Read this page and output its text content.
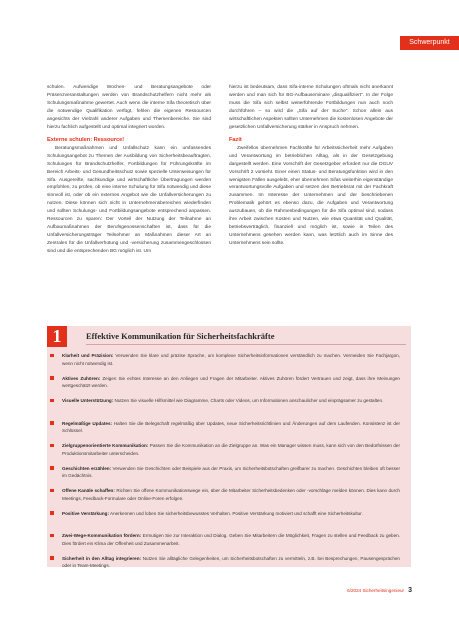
Schwerpunkt

schulen. Aufwendige Wochen- und Beratungsangebote oder Präsenzveranstaltungen werden von Brandschutzhelfern nicht mehr als Schulungsmaßnahme gewertet. Auch wenn die interne Sifa theoretisch über die notwendige Qualifikation verfügt, fehlen die eigenen Ressourcen angesichts der Vielzahl anderer Aufgaben und Themenbereiche. Sie sind hierzu fachlich aufgestellt und optimal integriert worden.

Externe schulen: Ressource!

Beratungsmaßnahmen und Unfallschutz kann ein umfassendes Schulungsangebot zu Themen der Ausbildung von Sicherheitsbeauftragten, Schulungen für Brandschutzhelfer, Fortbildungen für Führungskräfte im Bereich Arbeits- und Gesundheitsschutz sowie spezielle Unterweisungen für Sifa. Ausgereifte, sachkundige und wirtschaftliche Übertragungen werden empfohlen, zu prüfen, ob eine interne Schulung für Sifa notwendig und diese sinnvoll ist, oder ob ein externes Angebot wie die Unfallversicherungen zu nutzen. Diese können sich nicht in Unternehmensbereichen wiederfinden und sollten Schulungs- und Fortbildungsangebote entsprechend anpassen. Ressourcen zu sparen: Der Vorteil der Nutzung der Teilnahme an Aufbaumaßnahmen der Berufsgenossenschaften ist, dass für die Unfallversicherungsträger Teilnehmer an Maßnahmen dieser Art an Zentralen für die Unfallverhütung und -versicherung zusammengeschlossen sind und die entsprechenden BG möglich ist. Um

hierzu ist bedeutsam, dass Sifa-interne Schulungen oftmals nicht anerkannt werden und man sich für BG-Aufbauseminare „disqualifiziert“. In der Folge muss die Sifa sich selbst weiterführende Fortbildungen nun auch noch durchführen – so wird die „Sifa auf der Suche“. Schon allein aus wirtschaftlichen Aspekten sollten Unternehmen die kostenlosen Angebote der gesetzlichen Unfallversicherung stärker in Anspruch nehmen.

Fazit

Zweifellos übernehmen Fachkräfte für Arbeitssicherheit mehr Aufgaben und Verantwortung im betrieblichen Alltag, als in der Gesetzgebung dargestellt werden. Eine Vorschrift der Gesetzgeber erfordert nur die DGUV Vorschrift 2 vorsieht. Einer einen Status- und Beratungsfunktion wird in den wenigsten Fällen ausgelebt, eher übernehmen Sifas weiterhin eigenständige verantwortungsvolle Aufgaben und setzen den Betriebsrat mit der Fachkraft zusammen. Im Interesse der Unternehmen und der beschriebenen Problematik gehört es ebenso dazu, die Aufgaben und Verantwortung auszubauen, ob die Rahmenbedingungen für die Sifa optimal sind, sodass ihre Arbeit zwischen Kosten und Nutzen, wie etwa Quantität und Qualität, betriebsverträglich, finanziell und möglich ist, sowie in Teilen des Unternehmens gesehen werden kann, was letztlich auch im Sinne des Unternehmens sein sollte.

1	Effektive Kommunikation für Sicherheitsfachkräfte
Klarheit und Präzision: Verwenden Sie klare und präzise Sprache, um komplexe Sicherheitsinformationen verständlich zu machen. Vermeiden Sie Fachjargon, wenn nicht notwendig ist.
Aktives Zuhören: Zeigen Sie echtes Interesse an den Anliegen und Fragen der Mitarbeiter. Aktives Zuhören fördert Vertrauen und zeigt, dass ihre Meinungen wertgeschätzt werden.
Visuelle Unterstützung: Nutzen Sie visuelle Hilfsmittel wie Diagramme, Charts oder Videos, um Informationen anschaulicher und einprägsamer zu gestalten.
Regelmäßige Updates: Halten Sie die Belegschaft regelmäßig über Updates, neue Sicherheitsrichtlinien und Änderungen auf dem Laufenden. Konsistenz ist der Schlüssel.
Zielgruppenorientierte Kommunikation: Passen Sie die Kommunikation an die Zielgruppe an. Was ein Manager wissen muss, kann sich von den Bedürfnissen der Produktionsmitarbeiter unterscheiden.
Geschichten erzählen: Verwenden Sie Geschichten oder Beispiele aus der Praxis, um Sicherheitsbotschaften greifbarer zu machen. Geschichten bleiben oft besser im Gedächtnis.
Offene Kanäle schaffen: Richten Sie offene Kommunikationswege ein, über die Mitarbeiter Sicherheitsbedenken oder -vorschläge melden können. Dies kann durch Meetings, Feedback-Formulare oder Online-Foren erfolgen.
Positive Verstärkung: Anerkennen und loben Sie sicherheitsbewusstes Verhalten. Positive Verstärkung motiviert und schafft eine Sicherheitskultur.
Zwei-Wege-Kommunikation fördern: Ermutigen Sie zur Interaktion und Dialog. Geben Sie Mitarbeitern die Möglichkeit, Fragen zu stellen und Feedback zu geben. Dies fördert ein Klima der Offenheit und Zusammenarbeit.
Sicherheit in den Alltag integrieren: Nutzen Sie alltägliche Gelegenheiten, um Sicherheitsbotschaften zu vermitteln, z.B. bei Besprechungen, Pausengesprächen oder in Team-Meetings.
6/2024 Sicherheitsingenieur 3
